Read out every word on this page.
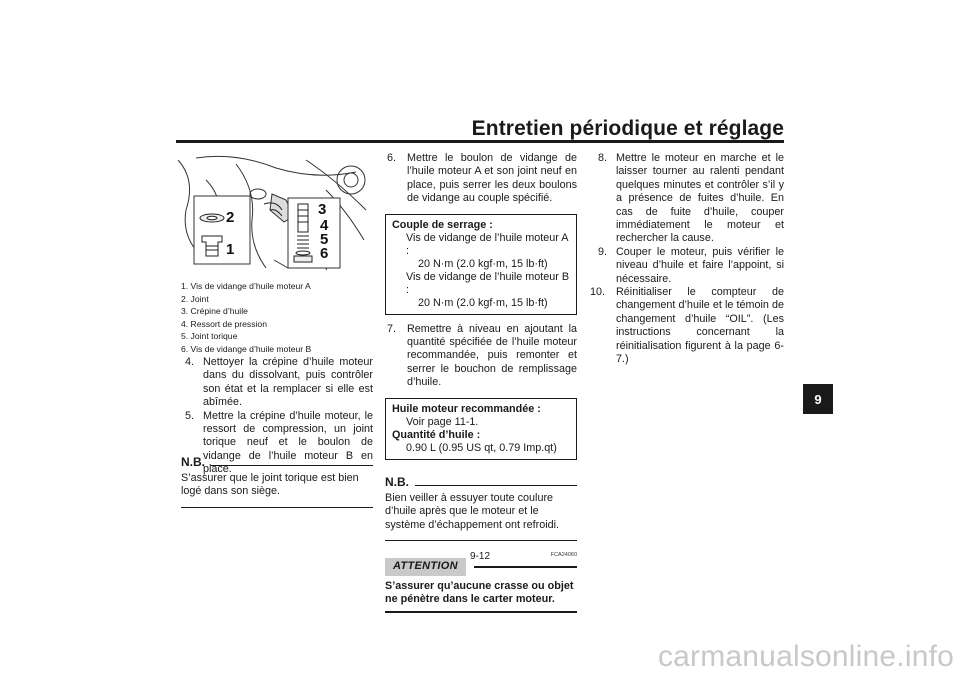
Entretien périodique et réglage
9
2
1
3
4
5
6
1. Vis de vidange d’huile moteur A
2. Joint
3. Crépine d’huile
4. Ressort de pression
5. Joint torique
6. Vis de vidange d’huile moteur B
4. Nettoyer la crépine d’huile moteur dans du dissolvant, puis contrôler son état et la remplacer si elle est abîmée.
5. Mettre la crépine d’huile moteur, le ressort de compression, un joint torique neuf et le boulon de vidange de l’huile moteur B en place.
N.B.
S’assurer que le joint torique est bien logé dans son siège.
6. Mettre le boulon de vidange de l’huile moteur A et son joint neuf en place, puis serrer les deux boulons de vidange au couple spécifié.
Couple de serrage :
Vis de vidange de l’huile moteur A :
20 N·m (2.0 kgf·m, 15 lb·ft)
Vis de vidange de l’huile moteur B :
20 N·m (2.0 kgf·m, 15 lb·ft)
7. Remettre à niveau en ajoutant la quantité spécifiée de l’huile moteur recommandée, puis remonter et serrer le bouchon de remplissage d’huile.
Huile moteur recommandée :
Voir page 11-1.
Quantité d’huile :
0.90 L (0.95 US qt, 0.79 Imp.qt)
N.B.
Bien veiller à essuyer toute coulure d’huile après que le moteur et le système d’échappement ont refroidi.
FCA24060
ATTENTION
S’assurer qu’aucune crasse ou objet ne pénètre dans le carter moteur.
8. Mettre le moteur en marche et le laisser tourner au ralenti pendant quelques minutes et contrôler s’il y a présence de fuites d’huile. En cas de fuite d’huile, couper immédiatement le moteur et rechercher la cause.
9. Couper le moteur, puis vérifier le niveau d’huile et faire l’appoint, si nécessaire.
10. Réinitialiser le compteur de changement d’huile et le témoin de changement d’huile “OIL”. (Les instructions concernant la réinitialisation figurent à la page 6-7.)
9-12
carmanualsonline.info
